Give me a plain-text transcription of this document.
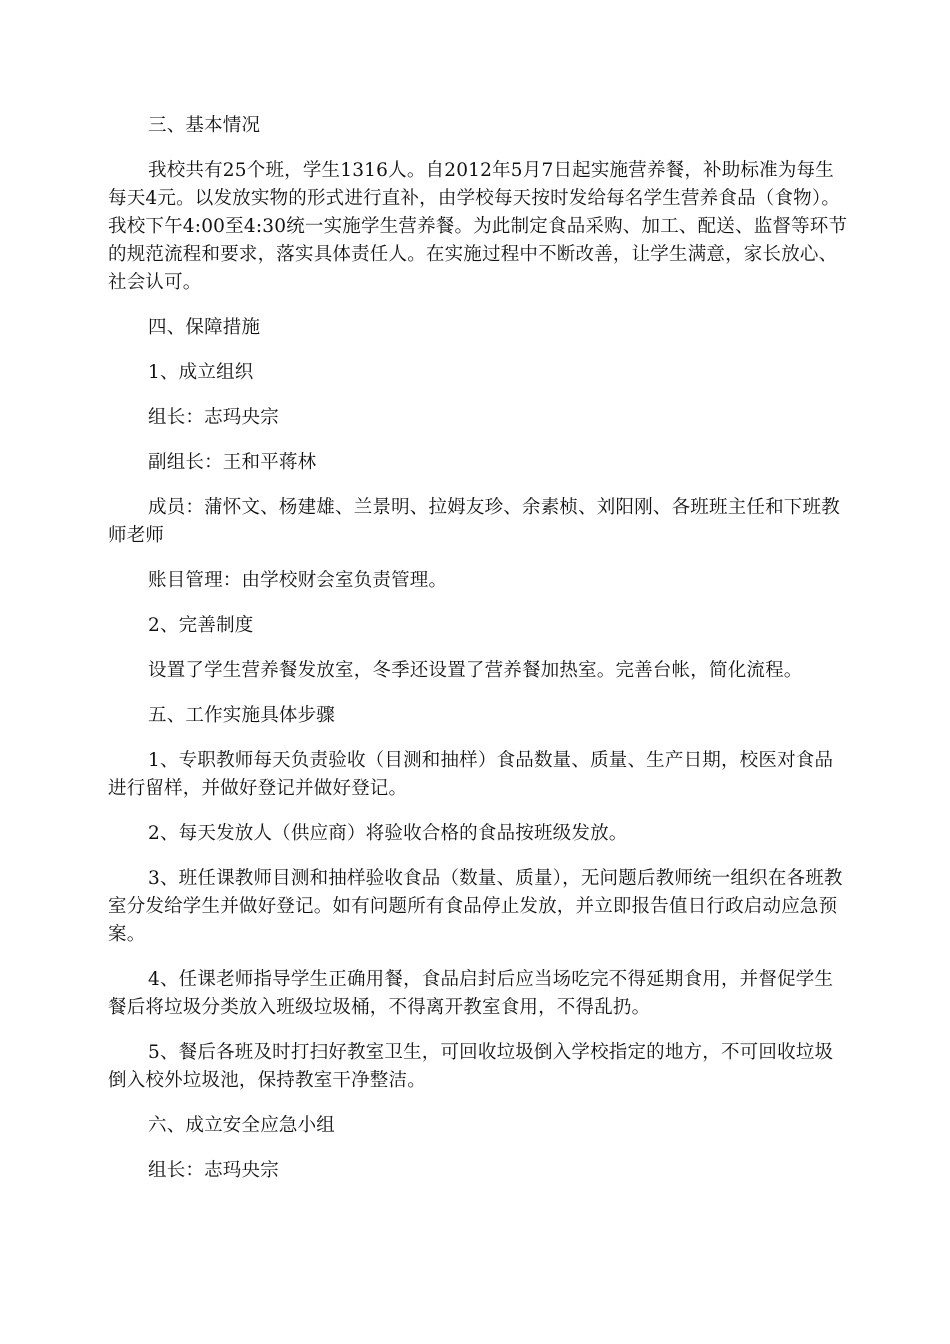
三、基本情况

我校共有25个班，学生1316人。自2012年5月7日起实施营养餐，补助标准为每生每天4元。以发放实物的形式进行直补，由学校每天按时发给每名学生营养食品（食物）。我校下午4:00至4:30统一实施学生营养餐。为此制定食品采购、加工、配送、监督等环节的规范流程和要求，落实具体责任人。在实施过程中不断改善，让学生满意，家长放心、社会认可。

四、保障措施

1、成立组织

组长：志玛央宗

副组长：王和平蒋林

成员：蒲怀文、杨建雄、兰景明、拉姆友珍、余素桢、刘阳刚、各班班主任和下班教师老师

账目管理：由学校财会室负责管理。

2、完善制度

设置了学生营养餐发放室，冬季还设置了营养餐加热室。完善台帐，简化流程。

五、工作实施具体步骤

1、专职教师每天负责验收（目测和抽样）食品数量、质量、生产日期，校医对食品进行留样，并做好登记并做好登记。

2、每天发放人（供应商）将验收合格的食品按班级发放。

3、班任课教师目测和抽样验收食品（数量、质量），无问题后教师统一组织在各班教室分发给学生并做好登记。如有问题所有食品停止发放，并立即报告值日行政启动应急预案。

4、任课老师指导学生正确用餐，食品启封后应当场吃完不得延期食用，并督促学生餐后将垃圾分类放入班级垃圾桶，不得离开教室食用，不得乱扔。

5、餐后各班及时打扫好教室卫生，可回收垃圾倒入学校指定的地方，不可回收垃圾倒入校外垃圾池，保持教室干净整洁。

六、成立安全应急小组

组长：志玛央宗
